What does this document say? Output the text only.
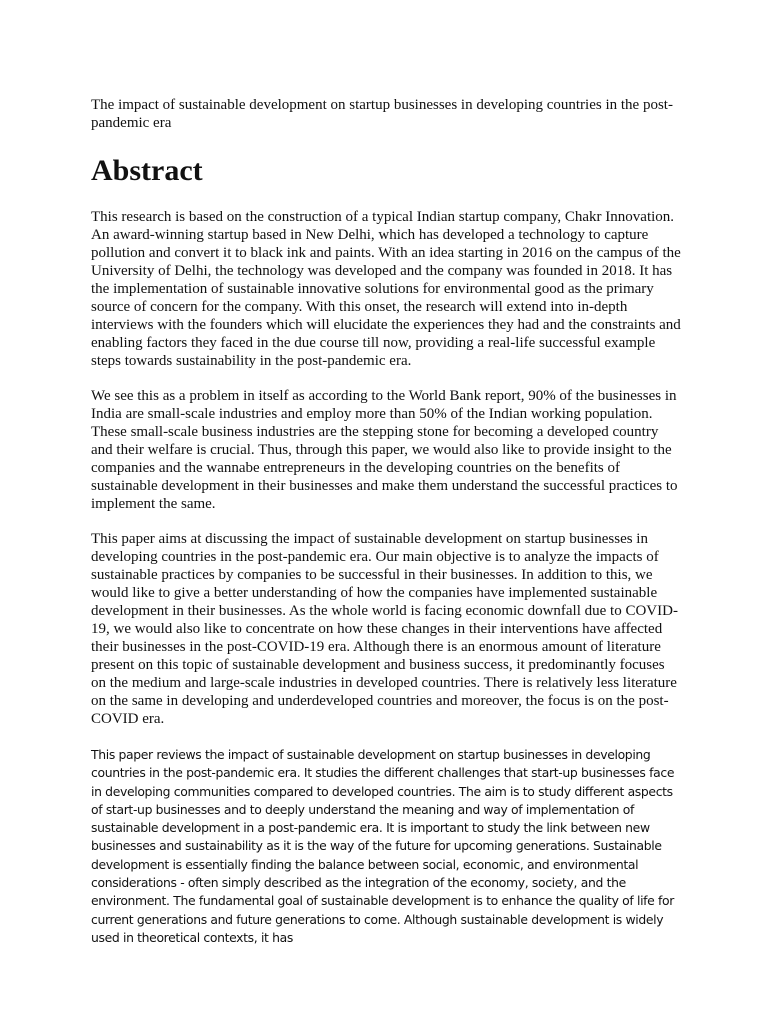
The impact of sustainable development on startup businesses in developing countries in the post-pandemic era

Abstract

This research is based on the construction of a typical Indian startup company, Chakr Innovation. An award-winning startup based in New Delhi, which has developed a technology to capture pollution and convert it to black ink and paints. With an idea starting in 2016 on the campus of the University of Delhi, the technology was developed and the company was founded in 2018. It has the implementation of sustainable innovative solutions for environmental good as the primary source of concern for the company. With this onset, the research will extend into in-depth interviews with the founders which will elucidate the experiences they had and the constraints and enabling factors they faced in the due course till now, providing a real-life successful example steps towards sustainability in the post-pandemic era.

We see this as a problem in itself as according to the World Bank report, 90% of the businesses in India are small-scale industries and employ more than 50% of the Indian working population. These small-scale business industries are the stepping stone for becoming a developed country and their welfare is crucial. Thus, through this paper, we would also like to provide insight to the companies and the wannabe entrepreneurs in the developing countries on the benefits of sustainable development in their businesses and make them understand the successful practices to implement the same.

This paper aims at discussing the impact of sustainable development on startup businesses in developing countries in the post-pandemic era. Our main objective is to analyze the impacts of sustainable practices by companies to be successful in their businesses. In addition to this, we would like to give a better understanding of how the companies have implemented sustainable development in their businesses. As the whole world is facing economic downfall due to COVID-19, we would also like to concentrate on how these changes in their interventions have affected their businesses in the post-COVID-19 era. Although there is an enormous amount of literature present on this topic of sustainable development and business success, it predominantly focuses on the medium and large-scale industries in developed countries. There is relatively less literature on the same in developing and underdeveloped countries and moreover, the focus is on the post-COVID era.

This paper reviews the impact of sustainable development on startup businesses in developing countries in the post-pandemic era. It studies the different challenges that start-up businesses face in developing communities compared to developed countries. The aim is to study different aspects of start-up businesses and to deeply understand the meaning and way of implementation of sustainable development in a post-pandemic era. It is important to study the link between new businesses and sustainability as it is the way of the future for upcoming generations. Sustainable development is essentially finding the balance between social, economic, and environmental considerations - often simply described as the integration of the economy, society, and the environment. The fundamental goal of sustainable development is to enhance the quality of life for current generations and future generations to come. Although sustainable development is widely used in theoretical contexts, it has
